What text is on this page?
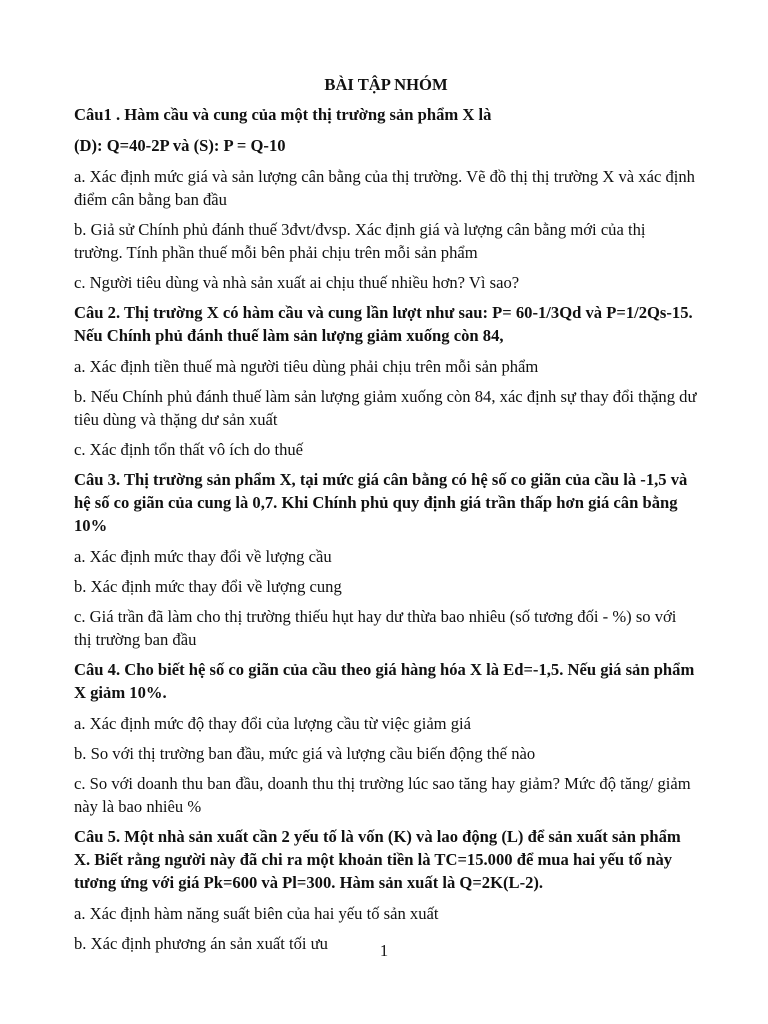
BÀI TẬP NHÓM
Câu1 . Hàm cầu và cung của một thị trường sản phẩm X là
(D): Q=40-2P và (S): P = Q-10
a. Xác định mức giá và sản lượng cân bằng của thị trường. Vẽ đồ thị thị trường X và xác định điểm cân bằng ban đầu
b. Giả sử Chính phủ đánh thuế 3đvt/đvsp. Xác định giá và lượng cân bằng mới của thị trường. Tính phần thuế mỗi bên phải chịu trên mỗi sản phẩm
c. Người tiêu dùng và nhà sản xuất ai chịu thuế nhiều hơn? Vì sao?
Câu 2. Thị trường X có hàm cầu và cung lần lượt như sau: P= 60-1/3Qd và P=1/2Qs-15. Nếu Chính phủ đánh thuế làm sản lượng giảm xuống còn 84,
a. Xác định tiền thuế mà người tiêu dùng phải chịu trên mỗi sản phẩm
b. Nếu Chính phủ đánh thuế làm sản lượng giảm xuống còn 84, xác định sự thay đổi thặng dư tiêu dùng và thặng dư sản xuất
c. Xác định tổn thất vô ích do thuế
Câu 3. Thị trường sản phẩm X, tại mức giá cân bằng có hệ số co giãn của cầu là -1,5 và hệ số co giãn của cung là 0,7. Khi Chính phủ quy định giá trần thấp hơn giá cân bằng 10%
a. Xác định mức thay đổi về lượng cầu
b. Xác định mức thay đổi về lượng cung
c. Giá trần đã làm cho thị trường thiếu hụt hay dư thừa bao nhiêu (số tương đối - %) so với thị trường ban đầu
Câu 4. Cho biết hệ số co giãn của cầu theo giá hàng hóa X là Ed=-1,5. Nếu giá sản phẩm X giảm 10%.
a. Xác định mức độ thay đổi của lượng cầu từ việc giảm giá
b. So với thị trường ban đầu, mức giá và lượng cầu biến động thế nào
c. So với doanh thu ban đầu, doanh thu thị trường lúc sao tăng hay giảm? Mức độ tăng/ giảm này là bao nhiêu %
Câu 5. Một nhà sản xuất cần 2 yếu tố là vốn (K) và lao động (L) để sản xuất sản phẩm X. Biết rằng người này đã chi ra một khoản tiền là TC=15.000 để mua hai yếu tố này tương ứng với giá Pk=600 và Pl=300. Hàm sản xuất là Q=2K(L-2).
a. Xác định hàm năng suất biên của hai yếu tố sản xuất
b. Xác định phương án sản xuất tối ưu	1
